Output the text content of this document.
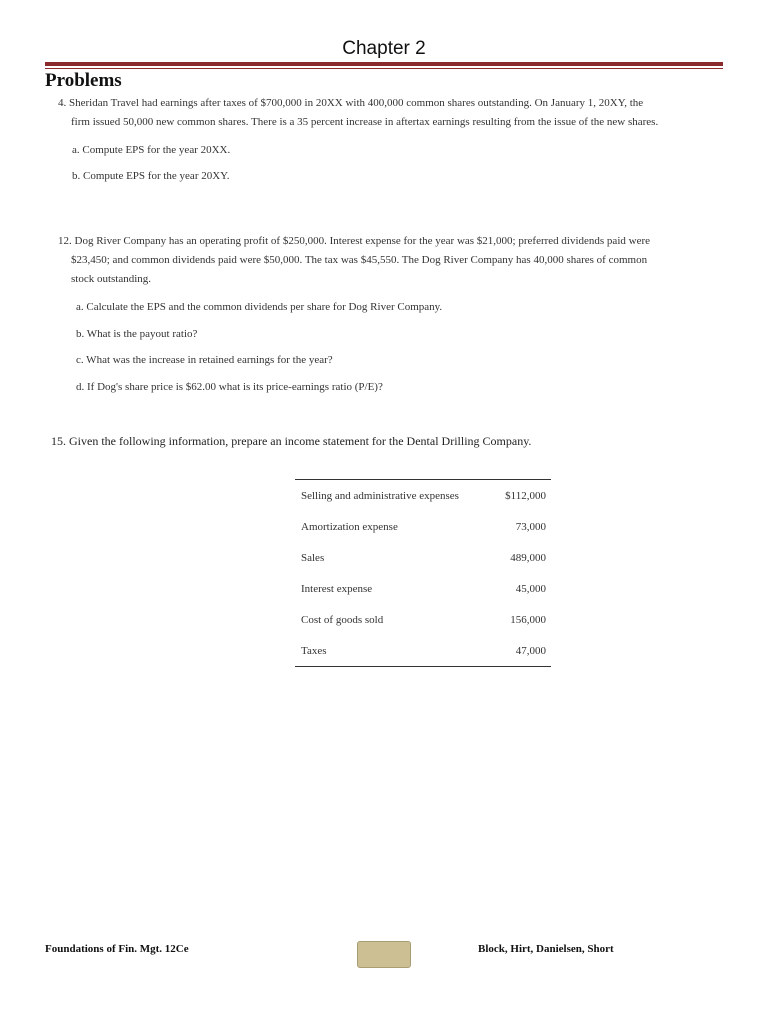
Chapter 2
Problems
4. Sheridan Travel had earnings after taxes of $700,000 in 20XX with 400,000 common shares outstanding. On January 1, 20XY, the
firm issued 50,000 new common shares. There is a 35 percent increase in aftertax earnings resulting from the issue of the new shares.
a. Compute EPS for the year 20XX.
b. Compute EPS for the year 20XY.
12. Dog River Company has an operating profit of $250,000. Interest expense for the year was $21,000; preferred dividends paid were
$23,450; and common dividends paid were $50,000. The tax was $45,550. The Dog River Company has 40,000 shares of common
stock outstanding.
a. Calculate the EPS and the common dividends per share for Dog River Company.
b. What is the payout ratio?
c. What was the increase in retained earnings for the year?
d. If Dog's share price is $62.00 what is its price-earnings ratio (P/E)?
15. Given the following information, prepare an income statement for the Dental Drilling Company.
Selling and administrative expenses	$112,000
Amortization expense	73,000
Sales	489,000
Interest expense	45,000
Cost of goods sold	156,000
Taxes	47,000
Foundations of Fin. Mgt. 12Ce	Block, Hirt, Danielsen, Short
